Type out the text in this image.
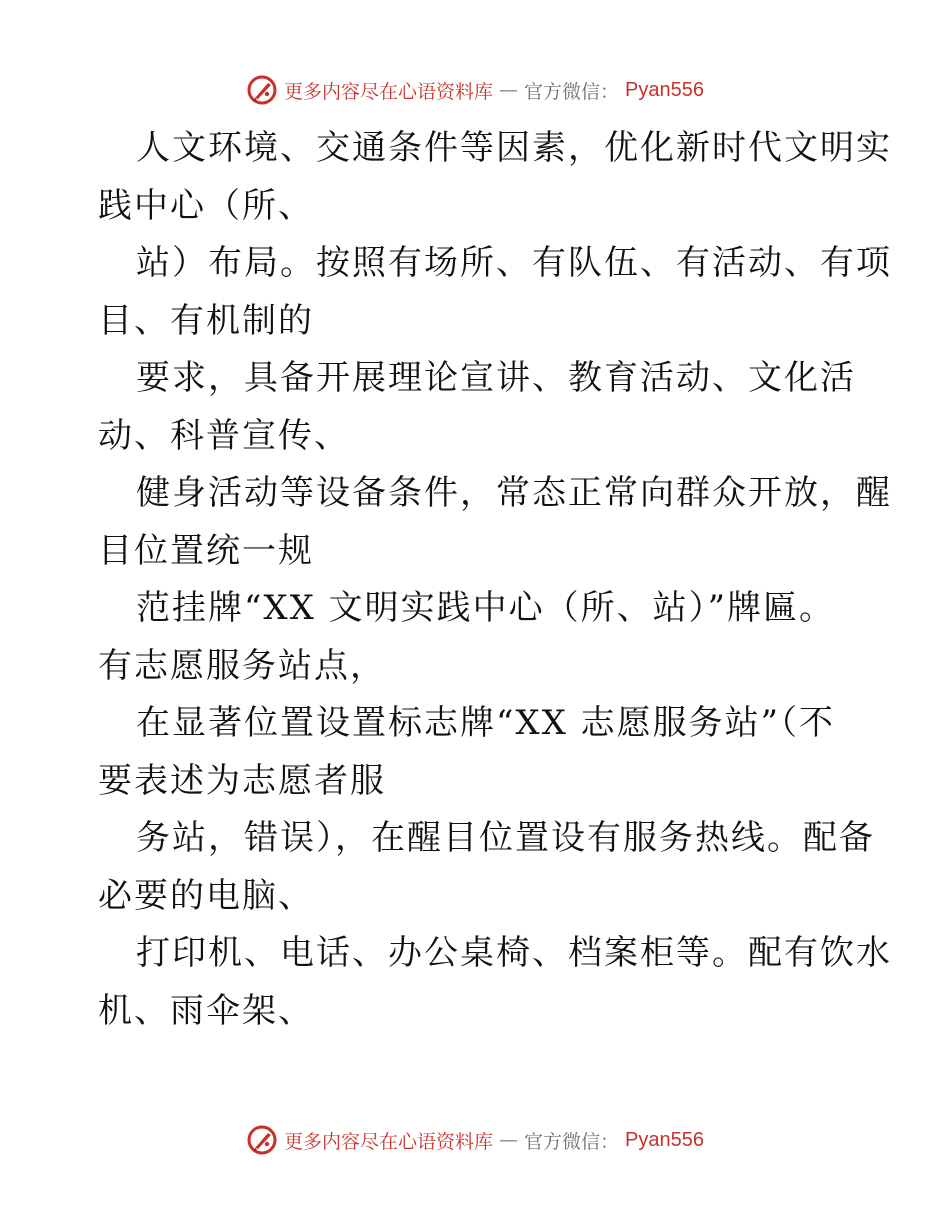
更多内容尽在心语资料库 — 官方微信： Pyan556
人文环境、交通条件等因素，优化新时代文明实
践中心（所、
站）布局。按照有场所、有队伍、有活动、有项
目、有机制的
要求，具备开展理论宣讲、教育活动、文化活
动、科普宣传、
健身活动等设备条件，常态正常向群众开放，醒
目位置统一规
范挂牌“XX 文明实践中心（所、站）”牌匾。
有志愿服务站点，
在显著位置设置标志牌“XX 志愿服务站”（不
要表述为志愿者服
务站，错误），在醒目位置设有服务热线。配备
必要的电脑、
打印机、电话、办公桌椅、档案柜等。配有饮水
机、雨伞架、
更多内容尽在心语资料库 — 官方微信： Pyan556
